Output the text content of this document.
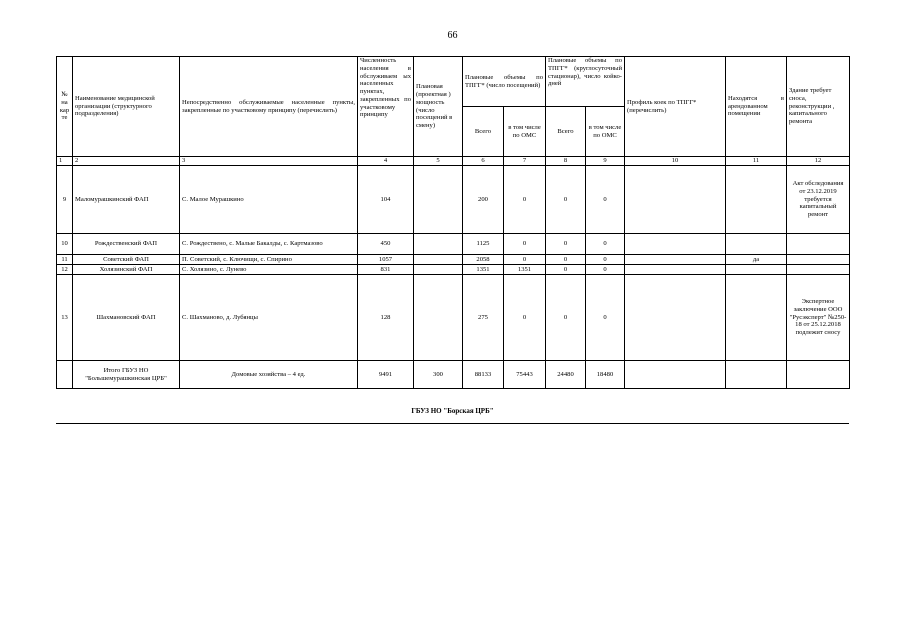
66
№ на кар те	Наименование медицинской организации (структурного подразделения)	Непосредственно обслуживаемые населенные пункты, закрепленные по участковому принципу (перечислить)	Численность населения в обслуживаем ых населенных пунктах, закрепленных по участковому принципу	Плановая (проектная ) мощность (число посещений в смену)	Плановые объемы по ТПГГ* (число посещений)		Плановые объемы по ТПГГ* (круглосуточный стационар), число койко-дней		Профиль коек по ТПГГ* (перечислить)	Находятся в арендованном помещении	Здание требует сноса, реконструкции , капитального ремонта
					Всего	в том числе по ОМС	Всего	в том числе по ОМС			
1	2	3	4	5	6	7	8	9	10	11	12
9	Маломурашкинский ФАП	С. Малое Мурашкино	104		200	0	0	0			Акт обследования от 23.12.2019 требуется капитальный ремонт
10	Рождественский ФАП	С. Рождествено, с. Малые Бакалды, с. Картмазово	450		1125	0	0	0			
11	Советский ФАП	П. Советский, с. Ключищи, с. Спирино	1057		2058	0	0	0		да	
12	Холязинский ФАП	С. Холязино, с. Лунево	831		1351	1351	0	0			
13	Шахмановский ФАП	С. Шахманово, д. Лубянцы	128		275	0	0	0			Экспертное заключение ООО "Русэксперт" №250-18 от 25.12.2018 подлежит сносу
	Итого ГБУЗ НО "Большемурашкинская ЦРБ"	Домовые хозяйства – 4 ед.	9491	300	88133	75443	24480	18480			
ГБУЗ НО "Борская ЦРБ"
